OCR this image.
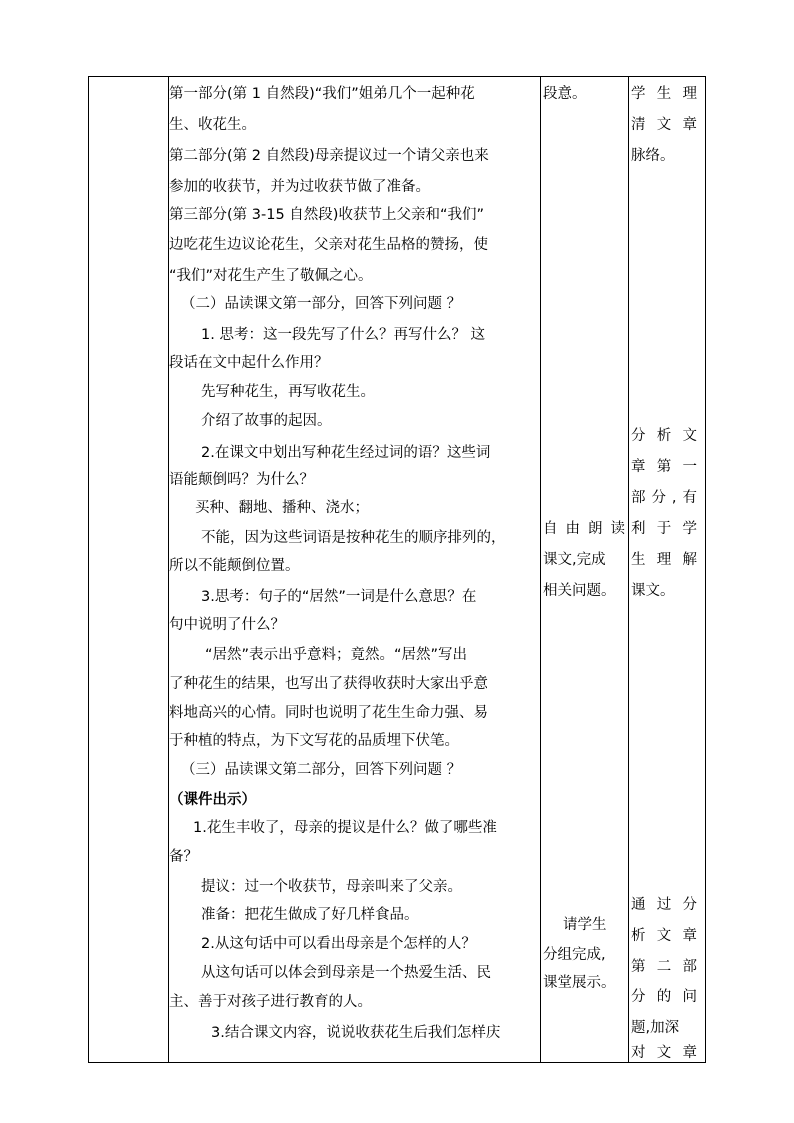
第一部分(第 1 自然段)“我们”姐弟几个一起种花
生、收花生。
第二部分(第 2 自然段)母亲提议过一个请父亲也来
参加的收获节，并为过收获节做了准备。
第三部分(第 3-15 自然段)收获节上父亲和“我们”
边吃花生边议论花生，父亲对花生品格的赞扬，使
“我们”对花生产生了敬佩之心。
（二）品读课文第一部分，回答下列问题 ？
1. 思考：这一段先写了什么？再写什么？ 这
段话在文中起什么作用？
先写种花生，再写收花生。
介绍了故事的起因。
2.在课文中划出写种花生经过词的语？这些词
语能颠倒吗？为什么？
买种、翻地、播种、浇水；
不能，因为这些词语是按种花生的顺序排列的，
所以不能颠倒位置。
3.思考：句子的“居然”一词是什么意思？在
句中说明了什么？
“居然”表示出乎意料；竟然。“居然”写出
了种花生的结果，也写出了获得收获时大家出乎意
料地高兴的心情。同时也说明了花生生命力强、易
于种植的特点，为下文写花的品质埋下伏笔。
（三）品读课文第二部分，回答下列问题 ？
（课件出示）
1.花生丰收了，母亲的提议是什么？做了哪些准
备？
提议：过一个收获节，母亲叫来了父亲。
准备：把花生做成了好几样食品。
2.从这句话中可以看出母亲是个怎样的人？
从这句话可以体会到母亲是一个热爱生活、民
主、善于对孩子进行教育的人。
3.结合课文内容，说说收获花生后我们怎样庆
段意。
自由朗读
课文,完成
相关问题。
请学生
分组完成,
课堂展示。
学生理
清文章
脉络。
分析文
章第一
部分,有
利于学
生理解
课文。
通过分
析文章
第二部
分的问
题,加深
对文章
